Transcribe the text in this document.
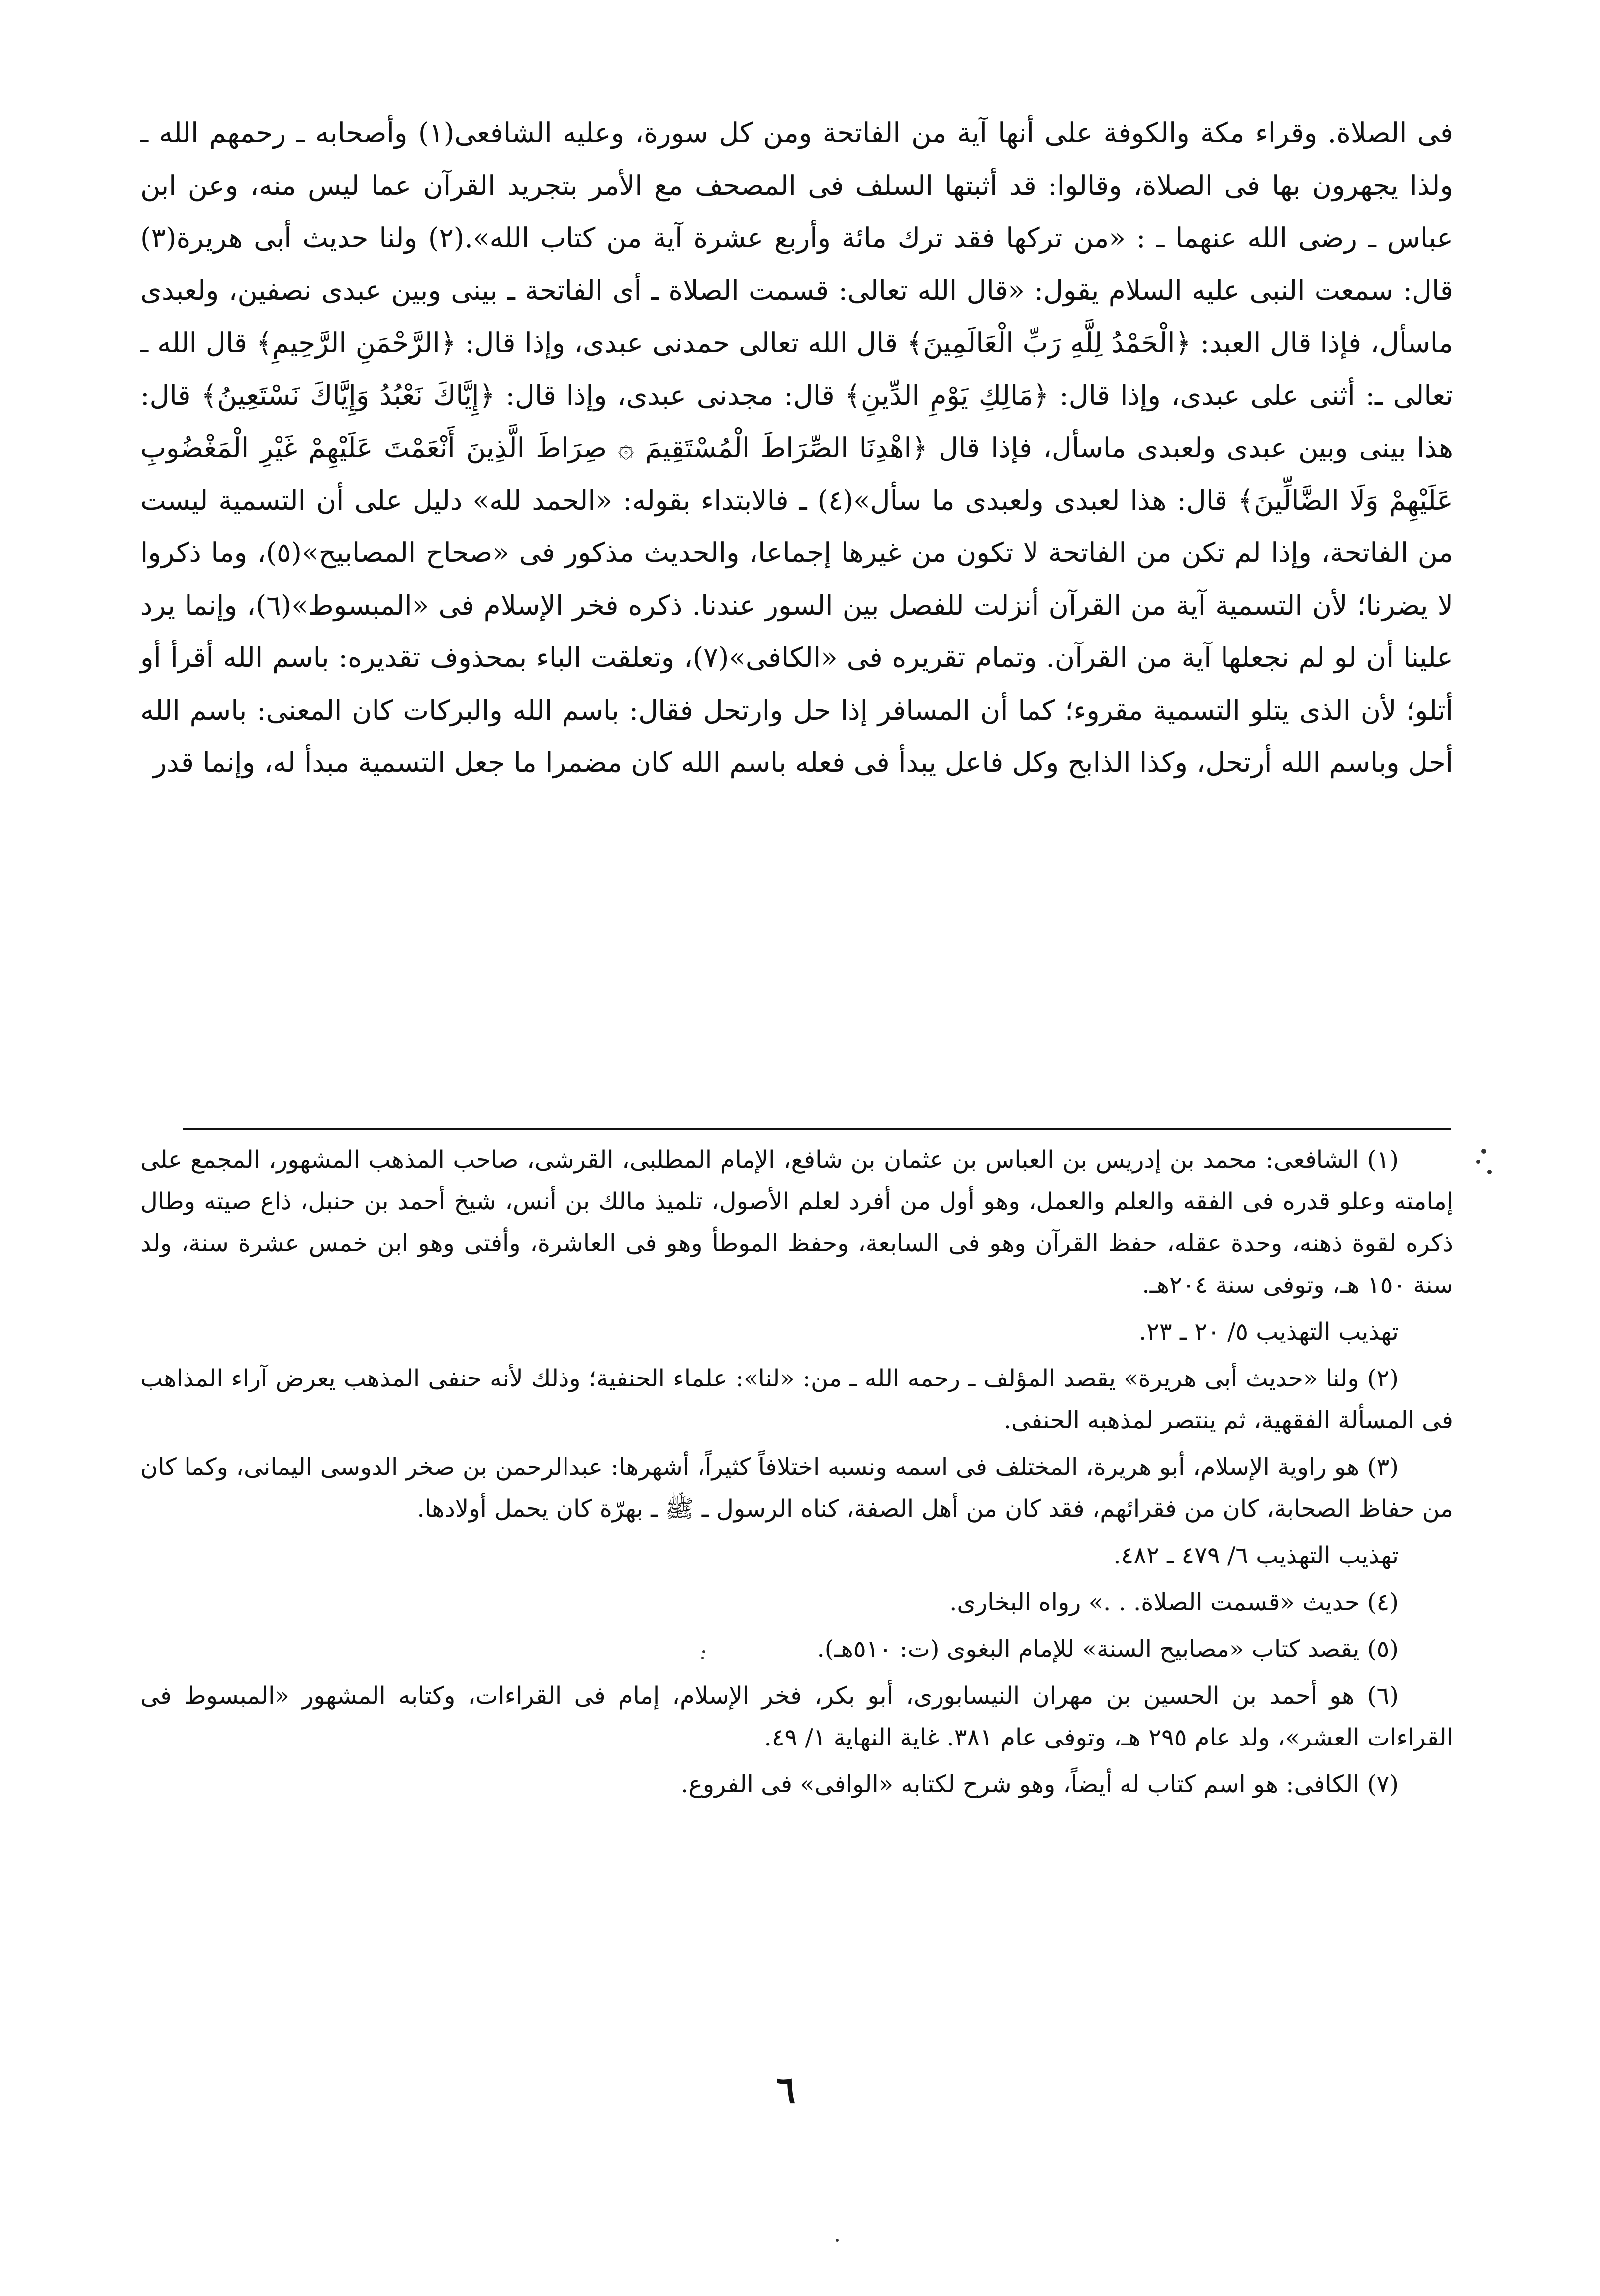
فى الصلاة. وقراء مكة والكوفة على أنها آية من الفاتحة ومن كل سورة، وعليه الشافعى(١) وأصحابه ـ رحمهم الله ـ ولذا يجهرون بها فى الصلاة، وقالوا: قد أثبتها السلف فى المصحف مع الأمر بتجريد القرآن عما ليس منه، وعن ابن عباس ـ رضى الله عنهما ـ : «من تركها فقد ترك مائة وأربع عشرة آية من كتاب الله».(٢) ولنا حديث أبى هريرة(٣) قال: سمعت النبى عليه السلام يقول: «قال الله تعالى: قسمت الصلاة ـ أى الفاتحة ـ بينى وبين عبدى نصفين، ولعبدى ماسأل، فإذا قال العبد: ﴿الْحَمْدُ لِلَّهِ رَبِّ الْعَالَمِينَ﴾ قال الله تعالى حمدنى عبدى، وإذا قال: ﴿الرَّحْمَنِ الرَّحِيمِ﴾ قال الله ـ تعالى ـ: أثنى على عبدى، وإذا قال: ﴿مَالِكِ يَوْمِ الدِّينِ﴾ قال: مجدنى عبدى، وإذا قال: ﴿إِيَّاكَ نَعْبُدُ وَإِيَّاكَ نَسْتَعِينُ﴾ قال: هذا بينى وبين عبدى ولعبدى ماسأل، فإذا قال ﴿اهْدِنَا الصِّرَاطَ الْمُسْتَقِيمَ ۞ صِرَاطَ الَّذِينَ أَنْعَمْتَ عَلَيْهِمْ غَيْرِ الْمَغْضُوبِ عَلَيْهِمْ وَلَا الضَّالِّينَ﴾ قال: هذا لعبدى ولعبدى ما سأل»(٤) ـ فالابتداء بقوله: «الحمد لله» دليل على أن التسمية ليست من الفاتحة، وإذا لم تكن من الفاتحة لا تكون من غيرها إجماعا، والحديث مذكور فى «صحاح المصابيح»(٥)، وما ذكروا لا يضرنا؛ لأن التسمية آية من القرآن أنزلت للفصل بين السور عندنا. ذكره فخر الإسلام فى «المبسوط»(٦)، وإنما يرد علينا أن لو لم نجعلها آية من القرآن. وتمام تقريره فى «الكافى»(٧)، وتعلقت الباء بمحذوف تقديره: باسم الله أقرأ أو أتلو؛ لأن الذى يتلو التسمية مقروء؛ كما أن المسافر إذا حل وارتحل فقال: باسم الله والبركات كان المعنى: باسم الله أحل وباسم الله أرتحل، وكذا الذابح وكل فاعل يبدأ فى فعله باسم الله كان مضمرا ما جعل التسمية مبدأ له، وإنما قدر

(١) الشافعى: محمد بن إدريس بن العباس بن عثمان بن شافع، الإمام المطلبى، القرشى، صاحب المذهب المشهور، المجمع على إمامته وعلو قدره فى الفقه والعلم والعمل، وهو أول من أفرد لعلم الأصول، تلميذ مالك بن أنس، شيخ أحمد بن حنبل، ذاع صيته وطال ذكره لقوة ذهنه، وحدة عقله، حفظ القرآن وهو فى السابعة، وحفظ الموطأ وهو فى العاشرة، وأفتى وهو ابن خمس عشرة سنة، ولد سنة ١٥٠ هـ، وتوفى سنة ٢٠٤هـ.

تهذيب التهذيب ٥/ ٢٠ ـ ٢٣.

(٢) ولنا «حديث أبى هريرة» يقصد المؤلف ـ رحمه الله ـ من: «لنا»: علماء الحنفية؛ وذلك لأنه حنفى المذهب يعرض آراء المذاهب فى المسألة الفقهية، ثم ينتصر لمذهبه الحنفى.

(٣) هو راوية الإسلام، أبو هريرة، المختلف فى اسمه ونسبه اختلافاً كثيراً، أشهرها: عبدالرحمن بن صخر الدوسى اليمانى، وكما كان من حفاظ الصحابة، كان من فقرائهم، فقد كان من أهل الصفة، كناه الرسول ـ ﷺ ـ بهرّة كان يحمل أولادها.

تهذيب التهذيب ٦/ ٤٧٩ ـ ٤٨٢.

(٤) حديث «قسمت الصلاة. . .» رواه البخارى.

(٥) يقصد كتاب «مصابيح السنة» للإمام البغوى (ت: ٥١٠هـ).

(٦) هو أحمد بن الحسين بن مهران النيسابورى، أبو بكر، فخر الإسلام، إمام فى القراءات، وكتابه المشهور «المبسوط فى القراءات العشر»، ولد عام ٢٩٥ هـ، وتوفى عام ٣٨١. غاية النهاية ١/ ٤٩.

(٧) الكافى: هو اسم كتاب له أيضاً، وهو شرح لكتابه «الوافى» فى الفروع.

٦
